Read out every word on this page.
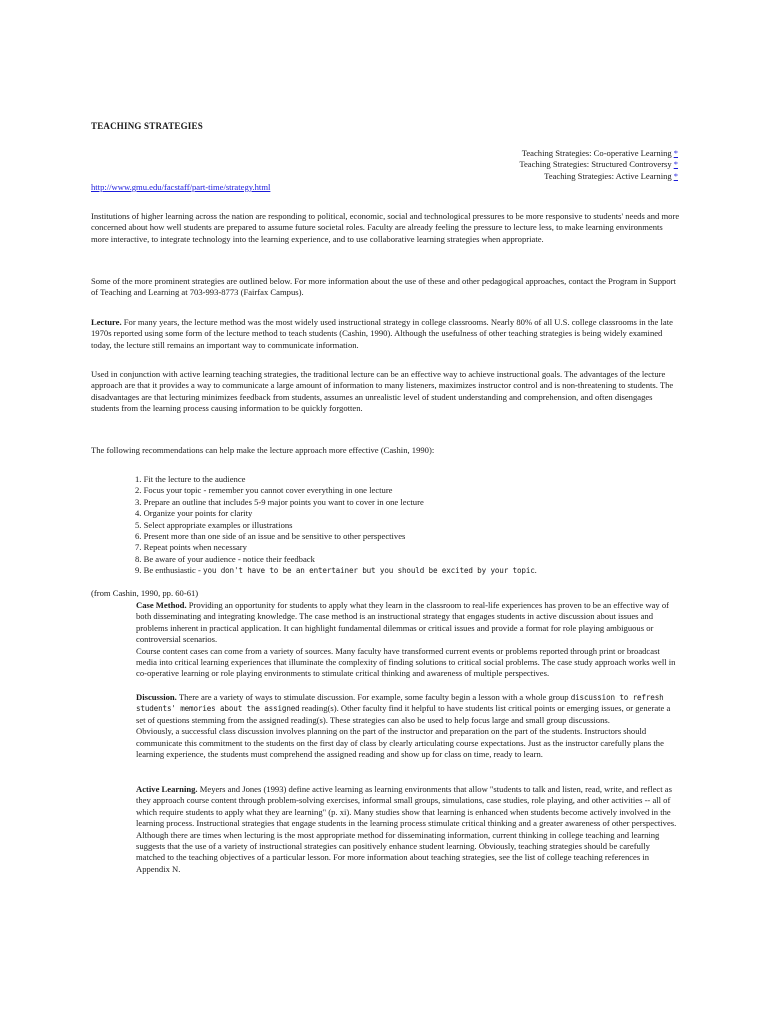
TEACHING STRATEGIES
Teaching Strategies: Co-operative Learning *
Teaching Strategies: Structured Controversy *
Teaching Strategies: Active Learning *
http://www.gmu.edu/facstaff/part-time/strategy.html

Institutions of higher learning across the nation are responding to political, economic, social and technological pressures to be more responsive to students' needs and more concerned about how well students are prepared to assume future societal roles. Faculty are already feeling the pressure to lecture less, to make learning environments more interactive, to integrate technology into the learning experience, and to use collaborative learning strategies when appropriate.

Some of the more prominent strategies are outlined below. For more information about the use of these and other pedagogical approaches, contact the Program in Support of Teaching and Learning at 703-993-8773 (Fairfax Campus).

Lecture. For many years, the lecture method was the most widely used instructional strategy in college classrooms. Nearly 80% of all U.S. college classrooms in the late 1970s reported using some form of the lecture method to teach students (Cashin, 1990). Although the usefulness of other teaching strategies is being widely examined today, the lecture still remains an important way to communicate information.

Used in conjunction with active learning teaching strategies, the traditional lecture can be an effective way to achieve instructional goals. The advantages of the lecture approach are that it provides a way to communicate a large amount of information to many listeners, maximizes instructor control and is non-threatening to students. The disadvantages are that lecturing minimizes feedback from students, assumes an unrealistic level of student understanding and comprehension, and often disengages students from the learning process causing information to be quickly forgotten.

The following recommendations can help make the lecture approach more effective (Cashin, 1990):

1. Fit the lecture to the audience
2. Focus your topic - remember you cannot cover everything in one lecture
3. Prepare an outline that includes 5-9 major points you want to cover in one lecture
4. Organize your points for clarity
5. Select appropriate examples or illustrations
6. Present more than one side of an issue and be sensitive to other perspectives
7. Repeat points when necessary
8. Be aware of your audience - notice their feedback
9. Be enthusiastic - you don't have to be an entertainer but you should be excited by your topic.
(from Cashin, 1990, pp. 60-61)

Case Method. Providing an opportunity for students to apply what they learn in the classroom to real-life experiences has proven to be an effective way of both disseminating and integrating knowledge. The case method is an instructional strategy that engages students in active discussion about issues and problems inherent in practical application. It can highlight fundamental dilemmas or critical issues and provide a format for role playing ambiguous or controversial scenarios.

Course content cases can come from a variety of sources. Many faculty have transformed current events or problems reported through print or broadcast media into critical learning experiences that illuminate the complexity of finding solutions to critical social problems. The case study approach works well in co-operative learning or role playing environments to stimulate critical thinking and awareness of multiple perspectives.

Discussion. There are a variety of ways to stimulate discussion. For example, some faculty begin a lesson with a whole group discussion to refresh students' memories about the assigned reading(s). Other faculty find it helpful to have students list critical points or emerging issues, or generate a set of questions stemming from the assigned reading(s). These strategies can also be used to help focus large and small group discussions.

Obviously, a successful class discussion involves planning on the part of the instructor and preparation on the part of the students. Instructors should communicate this commitment to the students on the first day of class by clearly articulating course expectations. Just as the instructor carefully plans the learning experience, the students must comprehend the assigned reading and show up for class on time, ready to learn.

Active Learning. Meyers and Jones (1993) define active learning as learning environments that allow "students to talk and listen, read, write, and reflect as they approach course content through problem-solving exercises, informal small groups, simulations, case studies, role playing, and other activities -- all of which require students to apply what they are learning" (p. xi). Many studies show that learning is enhanced when students become actively involved in the learning process. Instructional strategies that engage students in the learning process stimulate critical thinking and a greater awareness of other perspectives. Although there are times when lecturing is the most appropriate method for disseminating information, current thinking in college teaching and learning suggests that the use of a variety of instructional strategies can positively enhance student learning. Obviously, teaching strategies should be carefully matched to the teaching objectives of a particular lesson. For more information about teaching strategies, see the list of college teaching references in Appendix N.
